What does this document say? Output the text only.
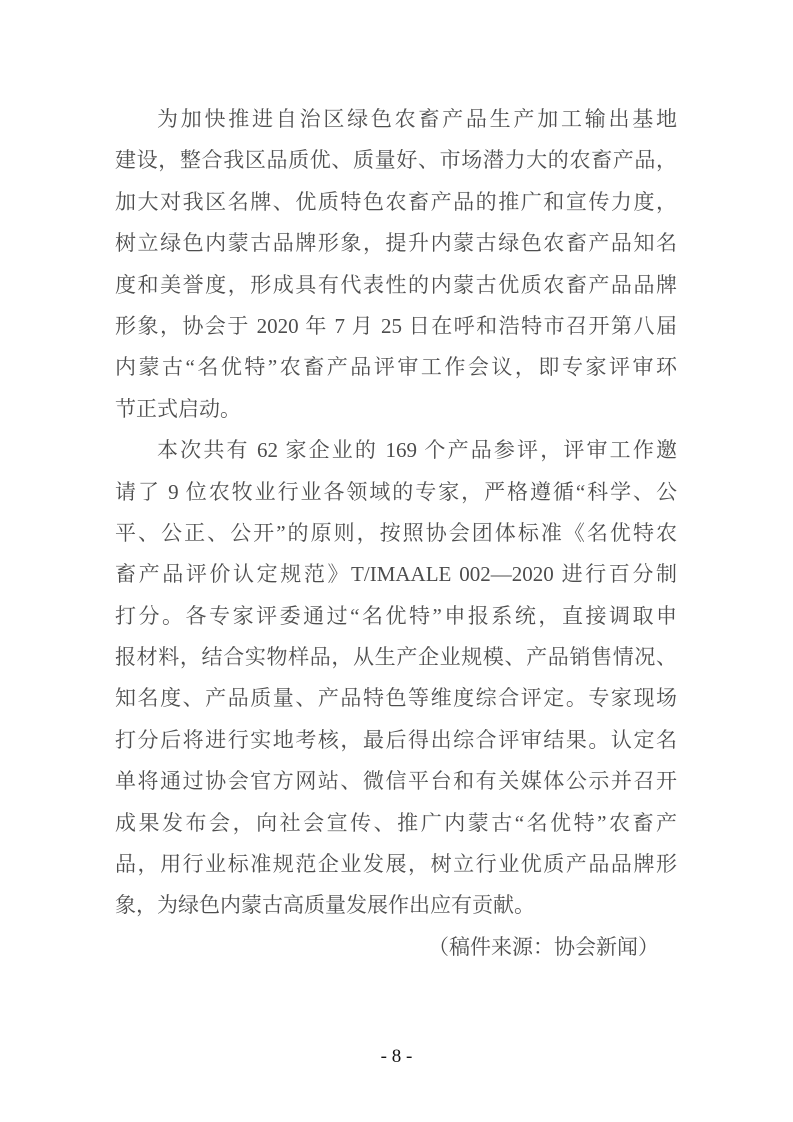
为加快推进自治区绿色农畜产品生产加工输出基地
建设，整合我区品质优、质量好、市场潜力大的农畜产品，
加大对我区名牌、优质特色农畜产品的推广和宣传力度，
树立绿色内蒙古品牌形象，提升内蒙古绿色农畜产品知名
度和美誉度，形成具有代表性的内蒙古优质农畜产品品牌
形象，协会于 2020 年 7 月 25 日在呼和浩特市召开第八届
内蒙古“名优特”农畜产品评审工作会议，即专家评审环
节正式启动。
本次共有 62 家企业的 169 个产品参评，评审工作邀
请了 9 位农牧业行业各领域的专家，严格遵循“科学、公
平、公正、公开”的原则，按照协会团体标准《名优特农
畜产品评价认定规范》T/IMAALE 002—2020 进行百分制
打分。各专家评委通过“名优特”申报系统，直接调取申
报材料，结合实物样品，从生产企业规模、产品销售情况、
知名度、产品质量、产品特色等维度综合评定。专家现场
打分后将进行实地考核，最后得出综合评审结果。认定名
单将通过协会官方网站、微信平台和有关媒体公示并召开
成果发布会，向社会宣传、推广内蒙古“名优特”农畜产
品，用行业标准规范企业发展，树立行业优质产品品牌形
象，为绿色内蒙古高质量发展作出应有贡献。
（稿件来源：协会新闻）
- 8 -
